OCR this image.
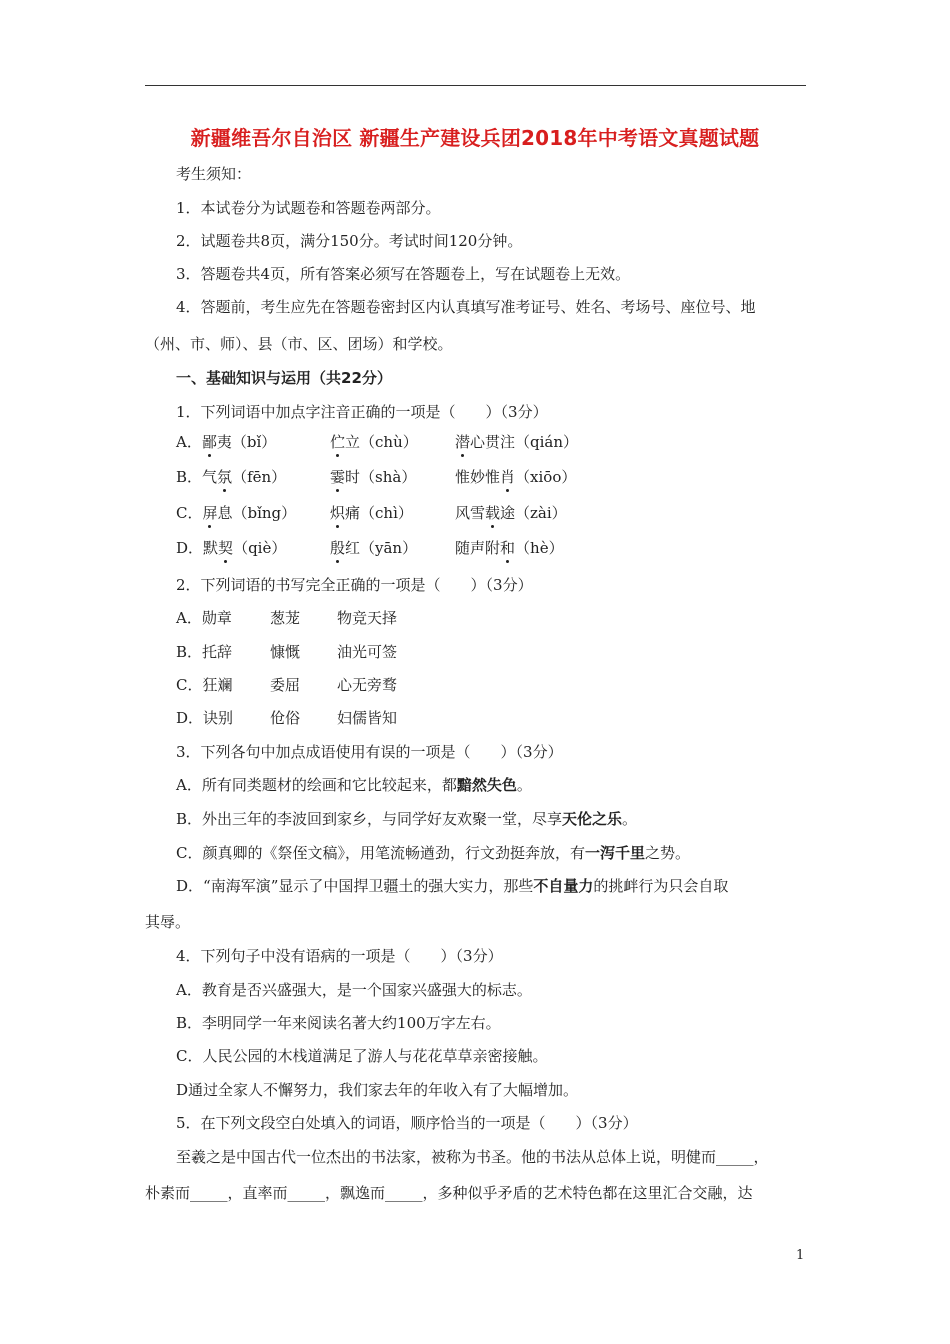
新疆维吾尔自治区 新疆生产建设兵团2018年中考语文真题试题
考生须知：
1．本试卷分为试题卷和答题卷两部分。
2．试题卷共8页，满分150分。考试时间120分钟。
3．答题卷共4页，所有答案必须写在答题卷上，写在试题卷上无效。
4．答题前，考生应先在答题卷密封区内认真填写准考证号、姓名、考场号、座位号、地
（州、市、师）、县（市、区、团场）和学校。
一、基础知识与运用（共22分）
1．下列词语中加点字注音正确的一项是（　　）（3分）
A．鄙夷（bǐ）	伫立（chù） 潜心贯注（qián）
B．气氛（fēn）	霎时（shà）	惟妙惟肖（xiōo）
C．屏息（bǐng） 炽痛（chì）	风雪载途（zài）
D．默契（qiè）	殷红（yān）	随声附和（hè）
2．下列词语的书写完全正确的一项是（　　）（3分）
A．勋章	葱茏 物竞天择
B．托辞	慷慨 油光可签
C．狂斓	委屈 心无旁骛
D．诀别 伧俗 妇儒皆知
3．下列各句中加点成语使用有误的一项是（　　）（3分）
A．所有同类题材的绘画和它比较起来，都黯然失色。
B．外出三年的李波回到家乡，与同学好友欢聚一堂，尽享天伦之乐。
C．颜真卿的《祭侄文稿》，用笔流畅遒劲，行文劲挺奔放，有一泻千里之势。
D．“南海军演”显示了中国捍卫疆土的强大实力，那些不自量力的挑衅行为只会自取
其辱。
4．下列句子中没有语病的一项是（　　）（3分）
A．教育是否兴盛强大，是一个国家兴盛强大的标志。
B．李明同学一年来阅读名著大约100万字左右。
C．人民公园的木栈道满足了游人与花花草草亲密接触。
D通过全家人不懈努力，我们家去年的年收入有了大幅增加。
5．在下列文段空白处填入的词语，顺序恰当的一项是（　　）（3分）
至羲之是中国古代一位杰出的书法家，被称为书圣。他的书法从总体上说，明健而_____，
朴素而_____，直率而_____，飘逸而_____，多种似乎矛盾的艺术特色都在这里汇合交融，达
1
